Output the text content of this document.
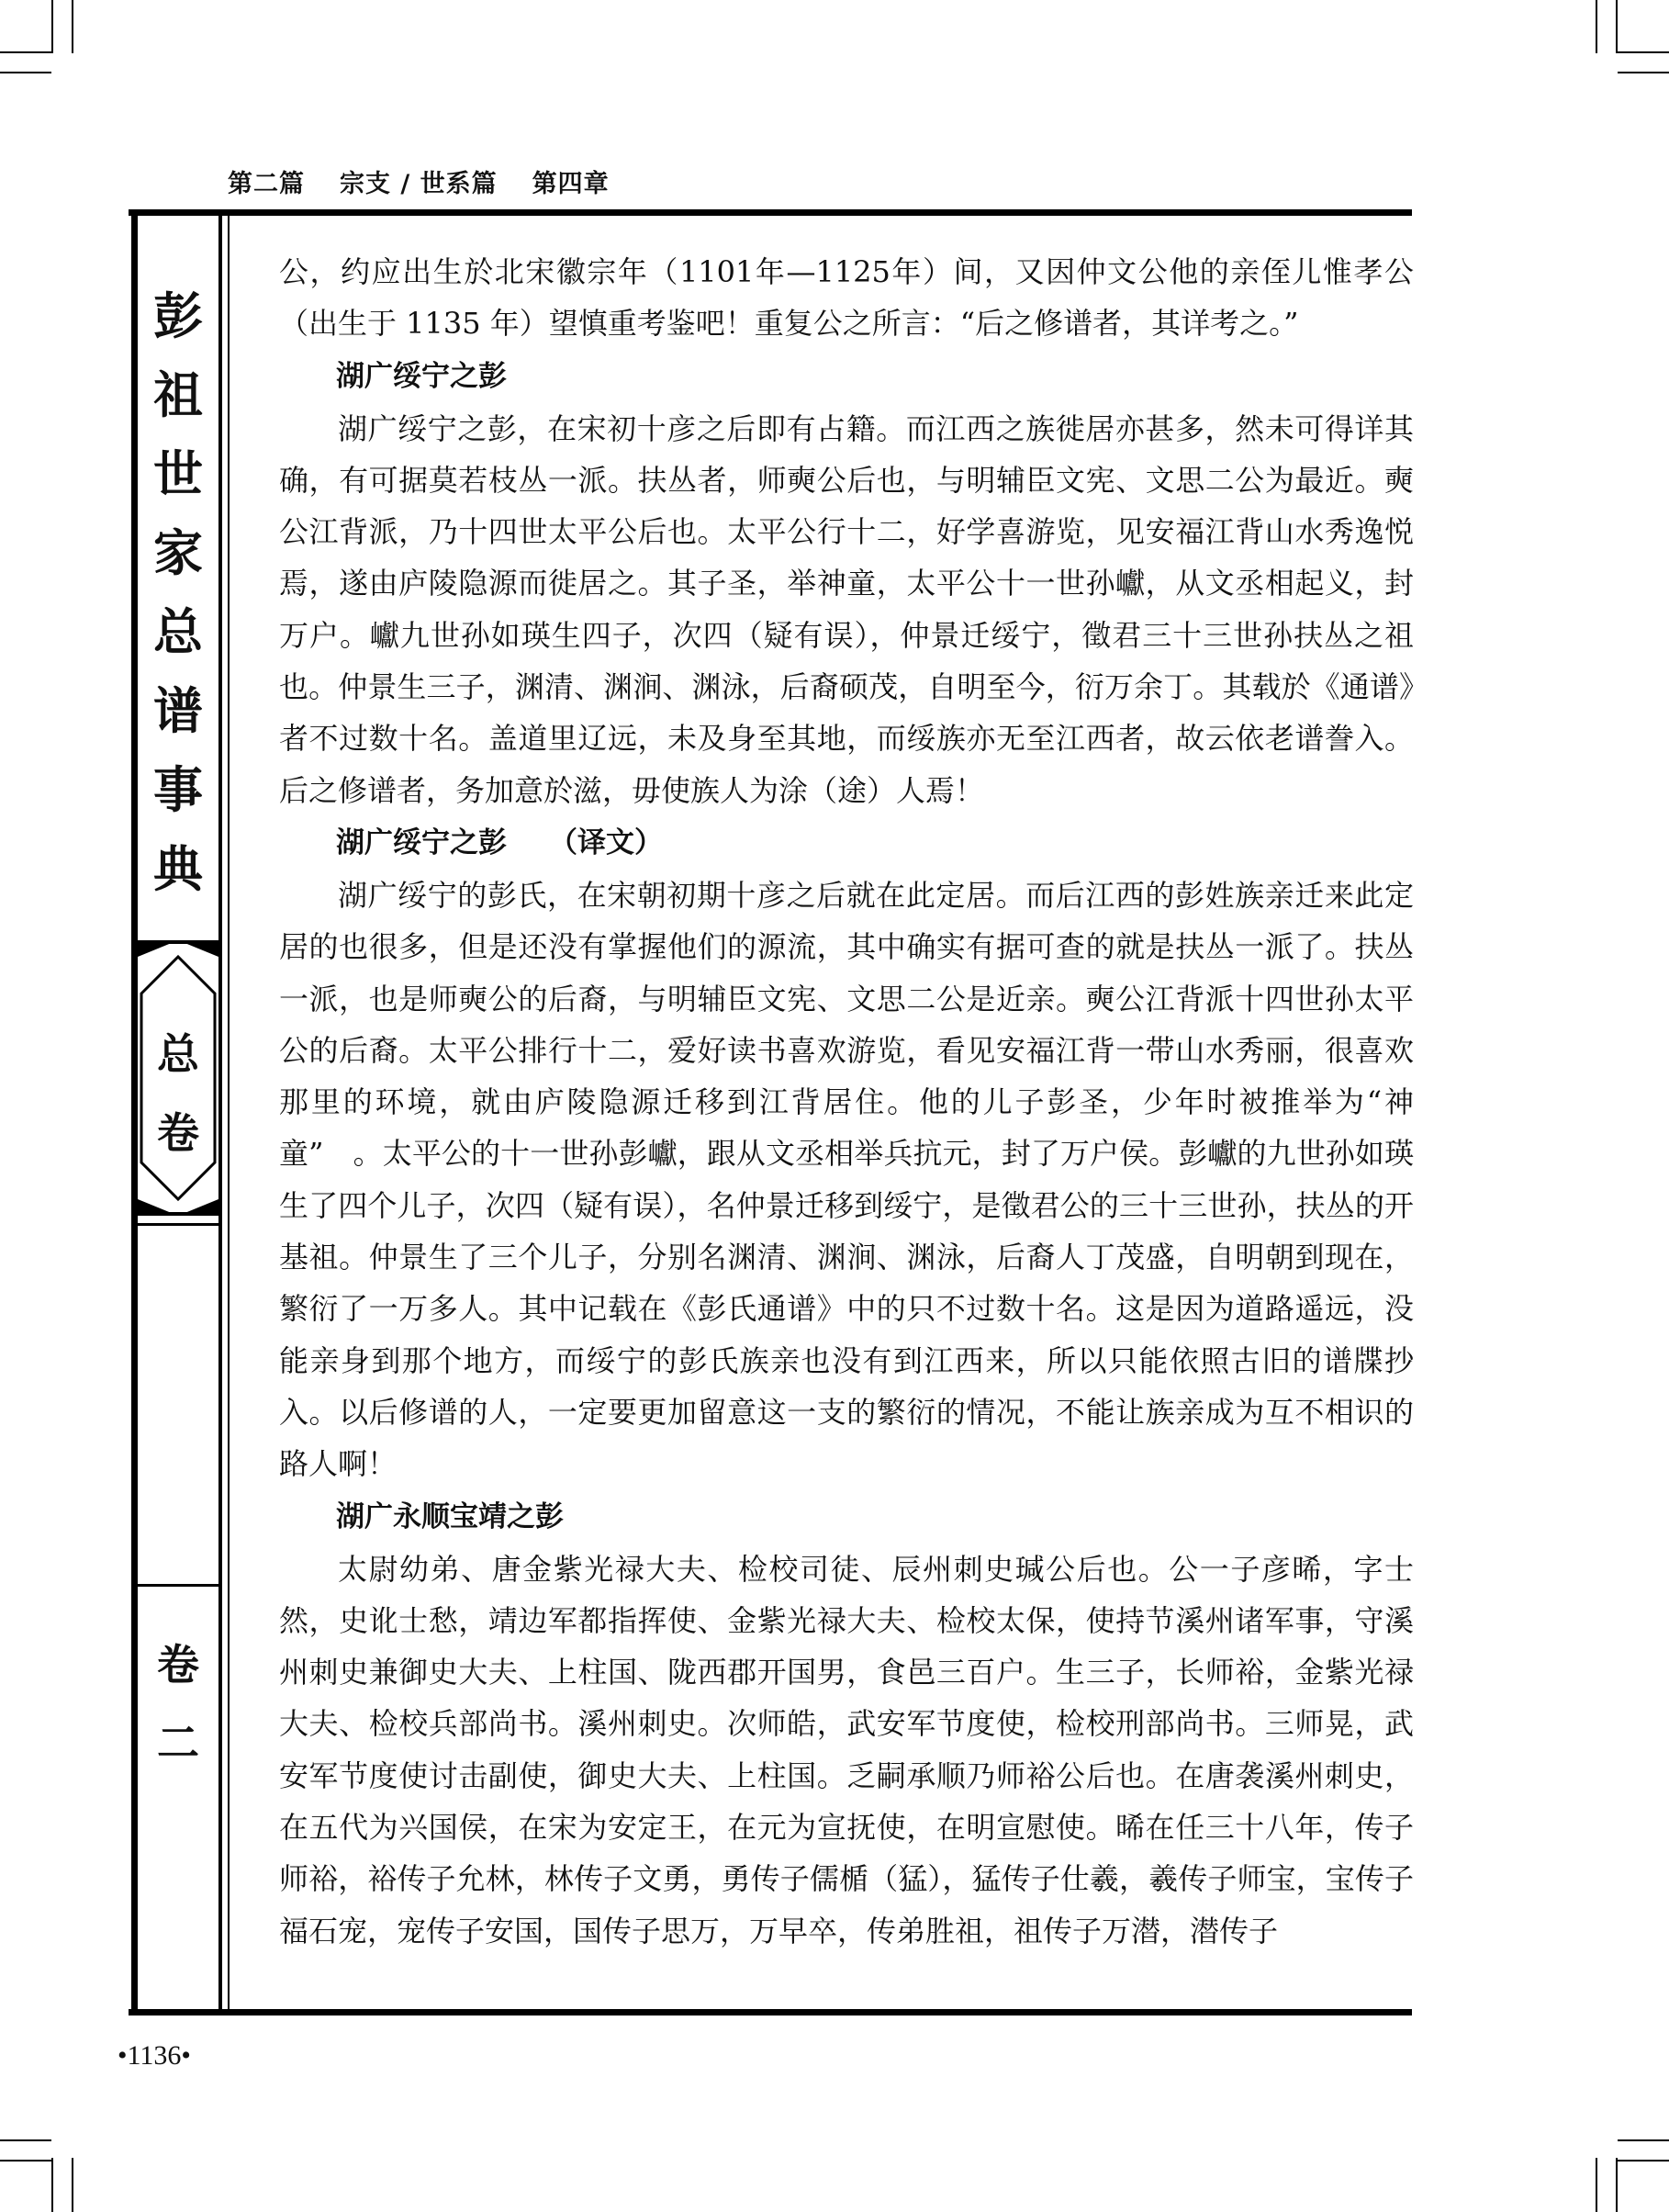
第二篇 宗支 / 世系篇 第四章
彭祖世家总谱事典
总
卷
卷
二

公，约应出生於北宋徽宗年（1101年—1125年）间，又因仲文公他的亲侄儿惟孝公（出生于 1135 年）望慎重考鉴吧！重复公之所言：“后之修谱者，其详考之。”

湖广绥宁之彭

湖广绥宁之彭，在宋初十彦之后即有占籍。而江西之族徙居亦甚多，然未可得详其确，有可据莫若枝丛一派。扶丛者，师奭公后也，与明辅臣文宪、文思二公为最近。奭公江背派，乃十四世太平公后也。太平公行十二，好学喜游览，见安福江背山水秀逸悦焉，遂由庐陵隐源而徙居之。其子圣，举神童，太平公十一世孙巘，从文丞相起义，封万户。巘九世孙如瑛生四子，次四（疑有误），仲景迁绥宁，徵君三十三世孙扶丛之祖也。仲景生三子，渊清、渊涧、渊泳，后裔硕茂，自明至今，衍万余丁。其载於《通谱》者不过数十名。盖道里辽远，未及身至其地，而绥族亦无至江西者，故云依老谱誊入。后之修谱者，务加意於滋，毋使族人为涂（途）人焉！

湖广绥宁之彭 （译文）

湖广绥宁的彭氏，在宋朝初期十彦之后就在此定居。而后江西的彭姓族亲迁来此定居的也很多，但是还没有掌握他们的源流，其中确实有据可查的就是扶丛一派了。扶丛一派，也是师奭公的后裔，与明辅臣文宪、文思二公是近亲。奭公江背派十四世孙太平公的后裔。太平公排行十二，爱好读书喜欢游览，看见安福江背一带山水秀丽，很喜欢那里的环境，就由庐陵隐源迁移到江背居住。他的儿子彭圣，少年时被推举为“神童”　。太平公的十一世孙彭巘，跟从文丞相举兵抗元，封了万户侯。彭巘的九世孙如瑛生了四个儿子，次四（疑有误），名仲景迁移到绥宁，是徵君公的三十三世孙，扶丛的开基祖。仲景生了三个儿子，分别名渊清、渊涧、渊泳，后裔人丁茂盛，自明朝到现在，繁衍了一万多人。其中记载在《彭氏通谱》中的只不过数十名。这是因为道路遥远，没能亲身到那个地方，而绥宁的彭氏族亲也没有到江西来，所以只能依照古旧的谱牒抄入。以后修谱的人，一定要更加留意这一支的繁衍的情况，不能让族亲成为互不相识的路人啊！

湖广永顺宝靖之彭

太尉幼弟、唐金紫光禄大夫、检校司徒、辰州刺史瑊公后也。公一子彦晞，字士然，史讹士愁，靖边军都指挥使、金紫光禄大夫、检校太保，使持节溪州诸军事，守溪州刺史兼御史大夫、上柱国、陇西郡开国男，食邑三百户。生三子，长师裕，金紫光禄大夫、检校兵部尚书。溪州刺史。次师皓，武安军节度使，检校刑部尚书。三师晃，武安军节度使讨击副使，御史大夫、上柱国。乏嗣承顺乃师裕公后也。在唐袭溪州刺史，在五代为兴国侯，在宋为安定王，在元为宣抚使，在明宣慰使。晞在任三十八年，传子师裕，裕传子允林，林传子文勇，勇传子儒楯（猛），猛传子仕羲，羲传子师宝，宝传子福石宠，宠传子安国，国传子思万，万早卒，传弟胜祖，祖传子万潜，潜传子

•1136•
